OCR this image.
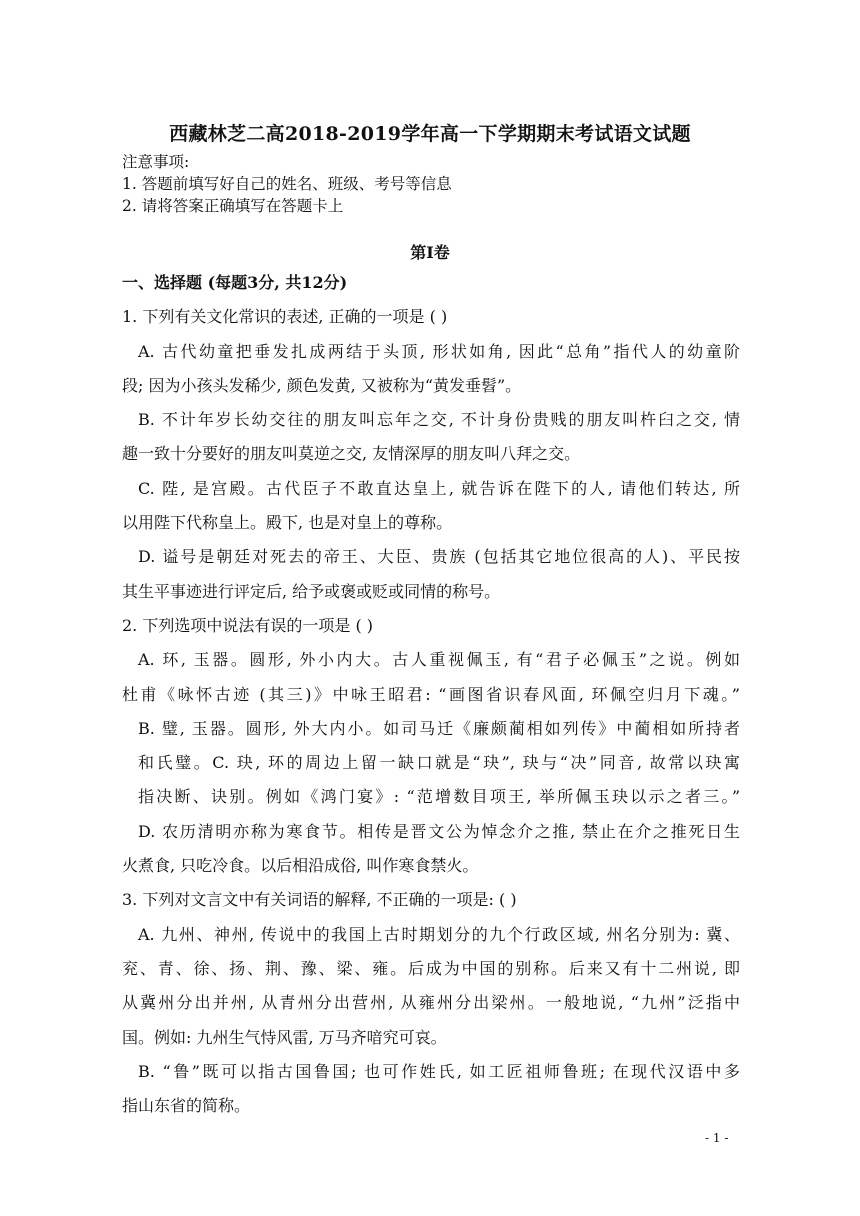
西藏林芝二高2018-2019学年高一下学期期末考试语文试题
注意事项:
1. 答题前填写好自己的姓名、班级、考号等信息
2. 请将答案正确填写在答题卡上
第I卷
一、选择题 (每题3分, 共12分)
1. 下列有关文化常识的表述, 正确的一项是 ( )
A. 古代幼童把垂发扎成两结于头顶, 形状如角, 因此“总角”指代人的幼童阶
段; 因为小孩头发稀少, 颜色发黄, 又被称为“黄发垂髫”。
B. 不计年岁长幼交往的朋友叫忘年之交, 不计身份贵贱的朋友叫杵臼之交, 情
趣一致十分要好的朋友叫莫逆之交, 友情深厚的朋友叫八拜之交。
C. 陛, 是宫殿。古代臣子不敢直达皇上, 就告诉在陛下的人, 请他们转达, 所
以用陛下代称皇上。殿下, 也是对皇上的尊称。
D. 谥号是朝廷对死去的帝王、大臣、贵族 (包括其它地位很高的人)、平民按
其生平事迹进行评定后, 给予或褒或贬或同情的称号。
2. 下列选项中说法有误的一项是 ( )
A. 环, 玉器。圆形, 外小内大。古人重视佩玉, 有“君子必佩玉”之说。例如
杜甫《咏怀古迹 (其三)》中咏王昭君: “画图省识春风面, 环佩空归月下魂。”
B. 璧, 玉器。圆形, 外大内小。如司马迁《廉颇蔺相如列传》中蔺相如所持者
和氏璧。C. 玦, 环的周边上留一缺口就是“玦”, 玦与“决”同音, 故常以玦寓
指决断、诀别。例如《鸿门宴》: “范增数目项王, 举所佩玉玦以示之者三。”
D. 农历清明亦称为寒食节。相传是晋文公为悼念介之推, 禁止在介之推死日生
火煮食, 只吃冷食。以后相沿成俗, 叫作寒食禁火。
3. 下列对文言文中有关词语的解释, 不正确的一项是: ( )
A. 九州、神州, 传说中的我国上古时期划分的九个行政区域, 州名分别为: 冀、
兖、青、徐、扬、荆、豫、梁、雍。后成为中国的别称。后来又有十二州说, 即
从冀州分出并州, 从青州分出营州, 从雍州分出梁州。一般地说, “九州”泛指中
国。例如: 九州生气恃风雷, 万马齐喑究可哀。
B. “鲁”既可以指古国鲁国; 也可作姓氏, 如工匠祖师鲁班; 在现代汉语中多
指山东省的简称。
- 1 -
